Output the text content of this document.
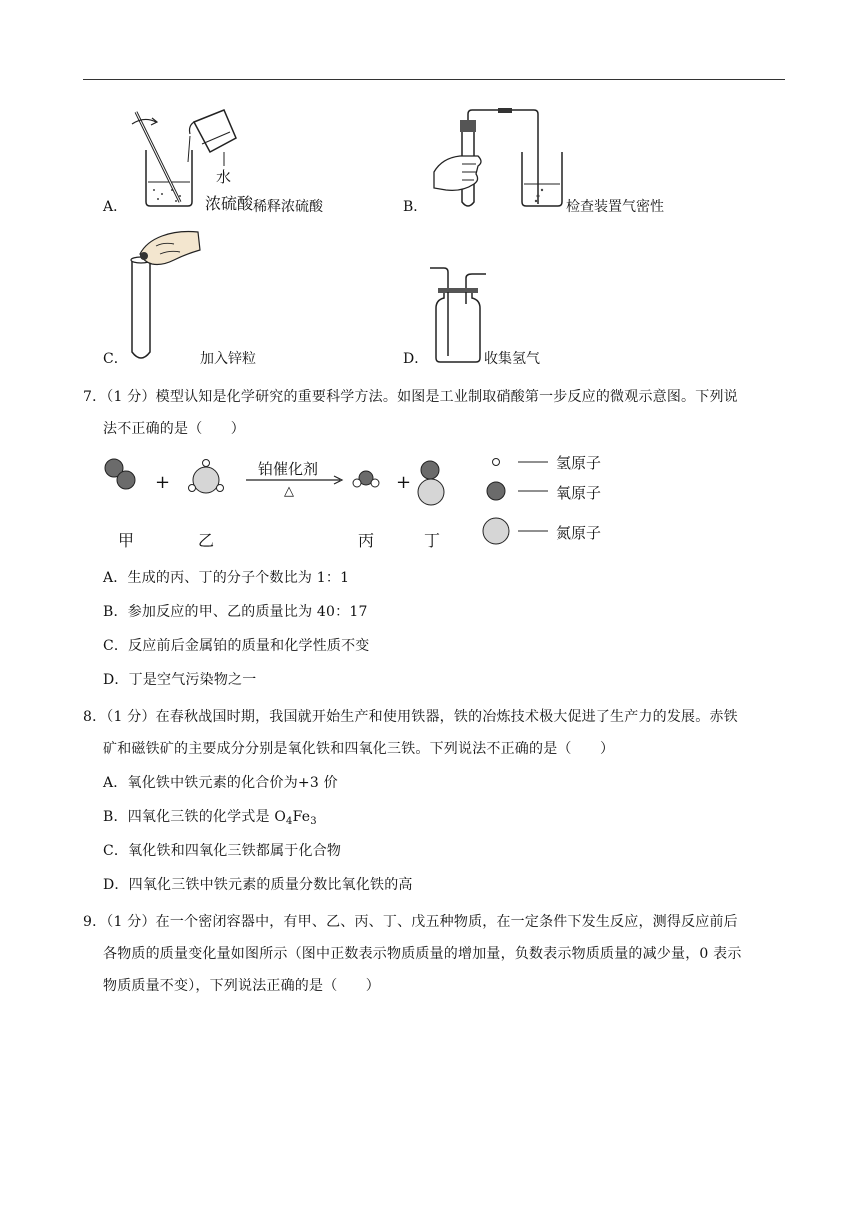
A．
水
浓硫酸 稀释浓硫酸	B．	检查装置气密性
C．	加入锌粒	D．	收集氢气
7．（1 分）模型认知是化学研究的重要科学方法。如图是工业制取硝酸第一步反应的微观示意图。下列说
法不正确的是（　　）
+
铂催化剂
△	+
甲	乙	丙	丁
氢原子
氧原子
氮原子
A．生成的丙、丁的分子个数比为 1：1
B．参加反应的甲、乙的质量比为 40：17
C．反应前后金属铂的质量和化学性质不变
D．丁是空气污染物之一
8．（1 分）在春秋战国时期，我国就开始生产和使用铁器，铁的冶炼技术极大促进了生产力的发展。赤铁
矿和磁铁矿的主要成分分别是氧化铁和四氧化三铁。下列说法不正确的是（　　）
A．氧化铁中铁元素的化合价为+3 价
B．四氧化三铁的化学式是 $O_4Fe_3$
C．氧化铁和四氧化三铁都属于化合物
D．四氧化三铁中铁元素的质量分数比氧化铁的高
9．（1 分）在一个密闭容器中，有甲、乙、丙、丁、戊五种物质，在一定条件下发生反应，测得反应前后
各物质的质量变化量如图所示（图中正数表示物质质量的增加量，负数表示物质质量的减少量，0 表示
物质质量不变），下列说法正确的是（　　）
